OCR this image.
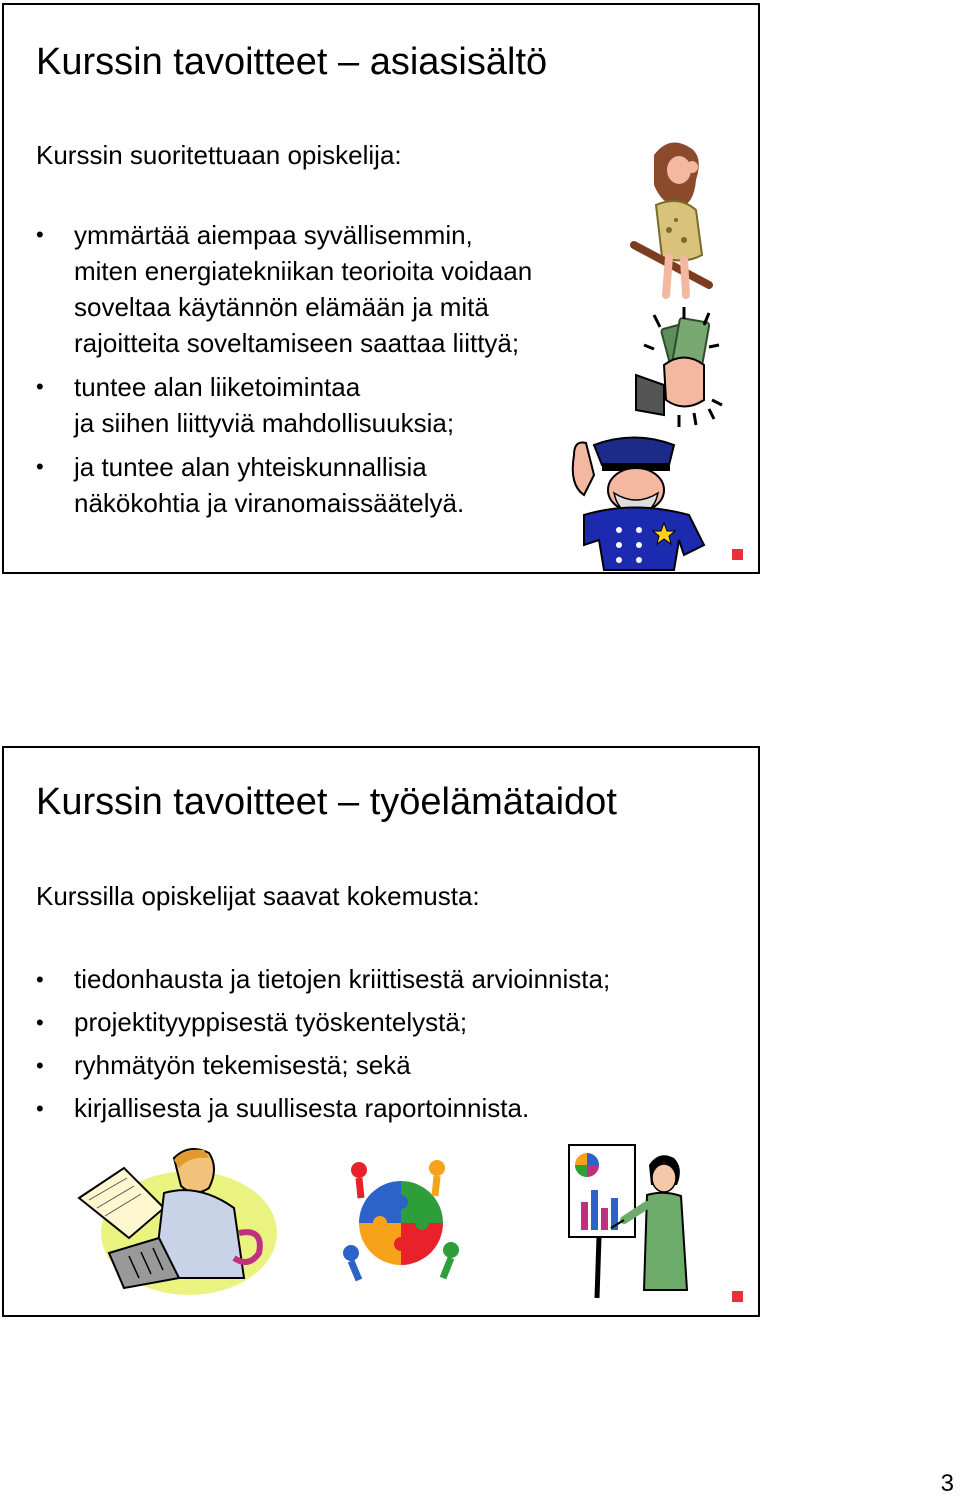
Kurssin tavoitteet – asiasisältö

Kurssin suoritettuaan opiskelija:

• ymmärtää aiempaa syvällisemmin,
miten energiatekniikan teorioita voidaan
soveltaa käytännön elämään ja mitä
rajoitteita soveltamiseen saattaa liittyä;
• tuntee alan liiketoimintaa
ja siihen liittyviä mahdollisuuksia;
• ja tuntee alan yhteiskunnallisia
näkökohtia ja viranomaissäätelyä.
Kurssin tavoitteet – työelämätaidot

Kurssilla opiskelijat saavat kokemusta:

• tiedonhausta ja tietojen kriittisestä arvioinnista;
• projektityyppisestä työskentelystä;
• ryhmätyön tekemisestä; sekä
• kirjallisesta ja suullisesta raportoinnista.
3
